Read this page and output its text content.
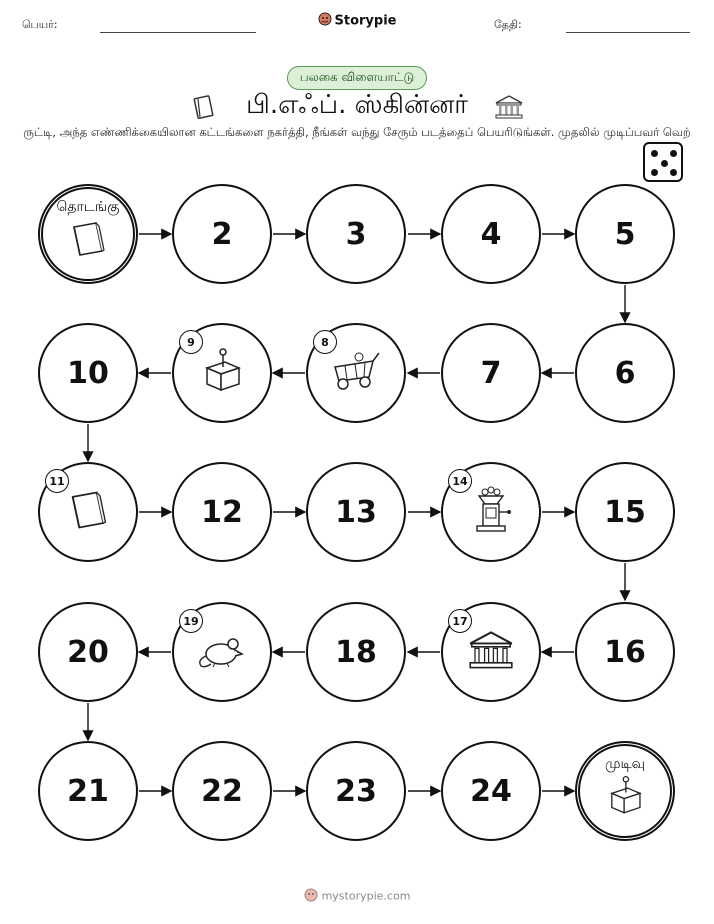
பெயர்:	Storypie	தேதி:
பலகை விளையாட்டு
பி.எஃப். ஸ்கின்னர்
ருட்டி, அந்த எண்ணிக்கையிலான கட்டங்களை நகர்த்தி, நீங்கள் வந்து சேரும் படத்தைப் பெயரிடுங்கள். முதலில் முடிப்பவர் வெற்
தொடங்கு
2	3	4	5
10
9	8
7	6
11
12	13
14
15
20
19
18
17
16
21	22	23	24
முடிவு
mystorypie.com
